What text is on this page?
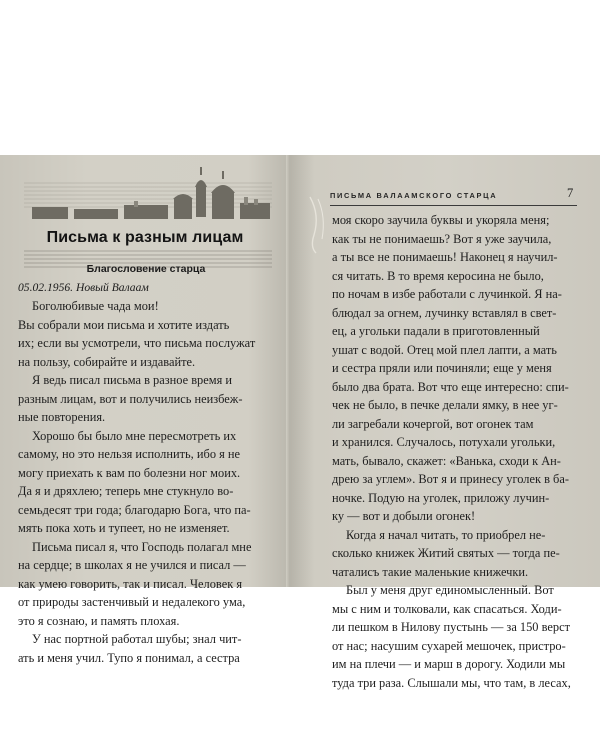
Письма к разным лицам
Благословение старца
05.02.1956. Новый Валаам
Боголюбивые чада мои!
Вы собрали мои письма и хотите издать
их; если вы усмотрели, что письма послужат
на пользу, собирайте и издавайте.
Я ведь писал письма в разное время и
разным лицам, вот и получились неизбеж-
ные повторения.
Хорошо бы было мне пересмотреть их
самому, но это нельзя исполнить, ибо я не
могу приехать к вам по болезни ног моих.
Да я и дряхлею; теперь мне стукнуло во-
семьдесят три года; благодарю Бога, что па-
мять пока хоть и тупеет, но не изменяет.
Письма писал я, что Господь полагал мне
на сердце; в школах я не учился и писал —
как умею говорить, так и писал. Человек я
от природы застенчивый и недалекого ума,
это я сознаю, и память плохая.
У нас портной работал шубы; знал чит-
ать и меня учил. Тупо я понимал, а сестра
ПИСЬМА ВАЛААМСКОГО СТАРЦА	7
моя скоро заучила буквы и укоряла меня;
как ты не понимаешь? Вот я уже заучила,
а ты все не понимаешь! Наконец я научил-
ся читать. В то время керосина не было,
по ночам в избе работали с лучинкой. Я на-
блюдал за огнем, лучинку вставлял в свет-
ец, а угольки падали в приготовленный
ушат с водой. Отец мой плел лапти, а мать
и сестра пряли или починяли; еще у меня
было два брата. Вот что еще интересно: спи-
чек не было, в печке делали ямку, в нее уг-
ли загребали кочергой, вот огонек там
и хранился. Случалось, потухали угольки,
мать, бывало, скажет: «Ванька, сходи к Ан-
дрею за углем». Вот я и принесу уголек в ба-
ночке. Подую на уголек, приложу лучин-
ку — вот и добыли огонек!
Когда я начал читать, то приобрел не-
сколько книжек Житий святых — тогда пе-
чаталисъ такие маленькие книжечки.
Был у меня друг единомысленный. Вот
мы с ним и толковали, как спасаться. Ходи-
ли пешком в Нилову пустынь — за 150 верст
от нас; насушим сухарей мешочек, пристро-
им на плечи — и марш в дорогу. Ходили мы
туда три раза. Слышали мы, что там, в лесах,
